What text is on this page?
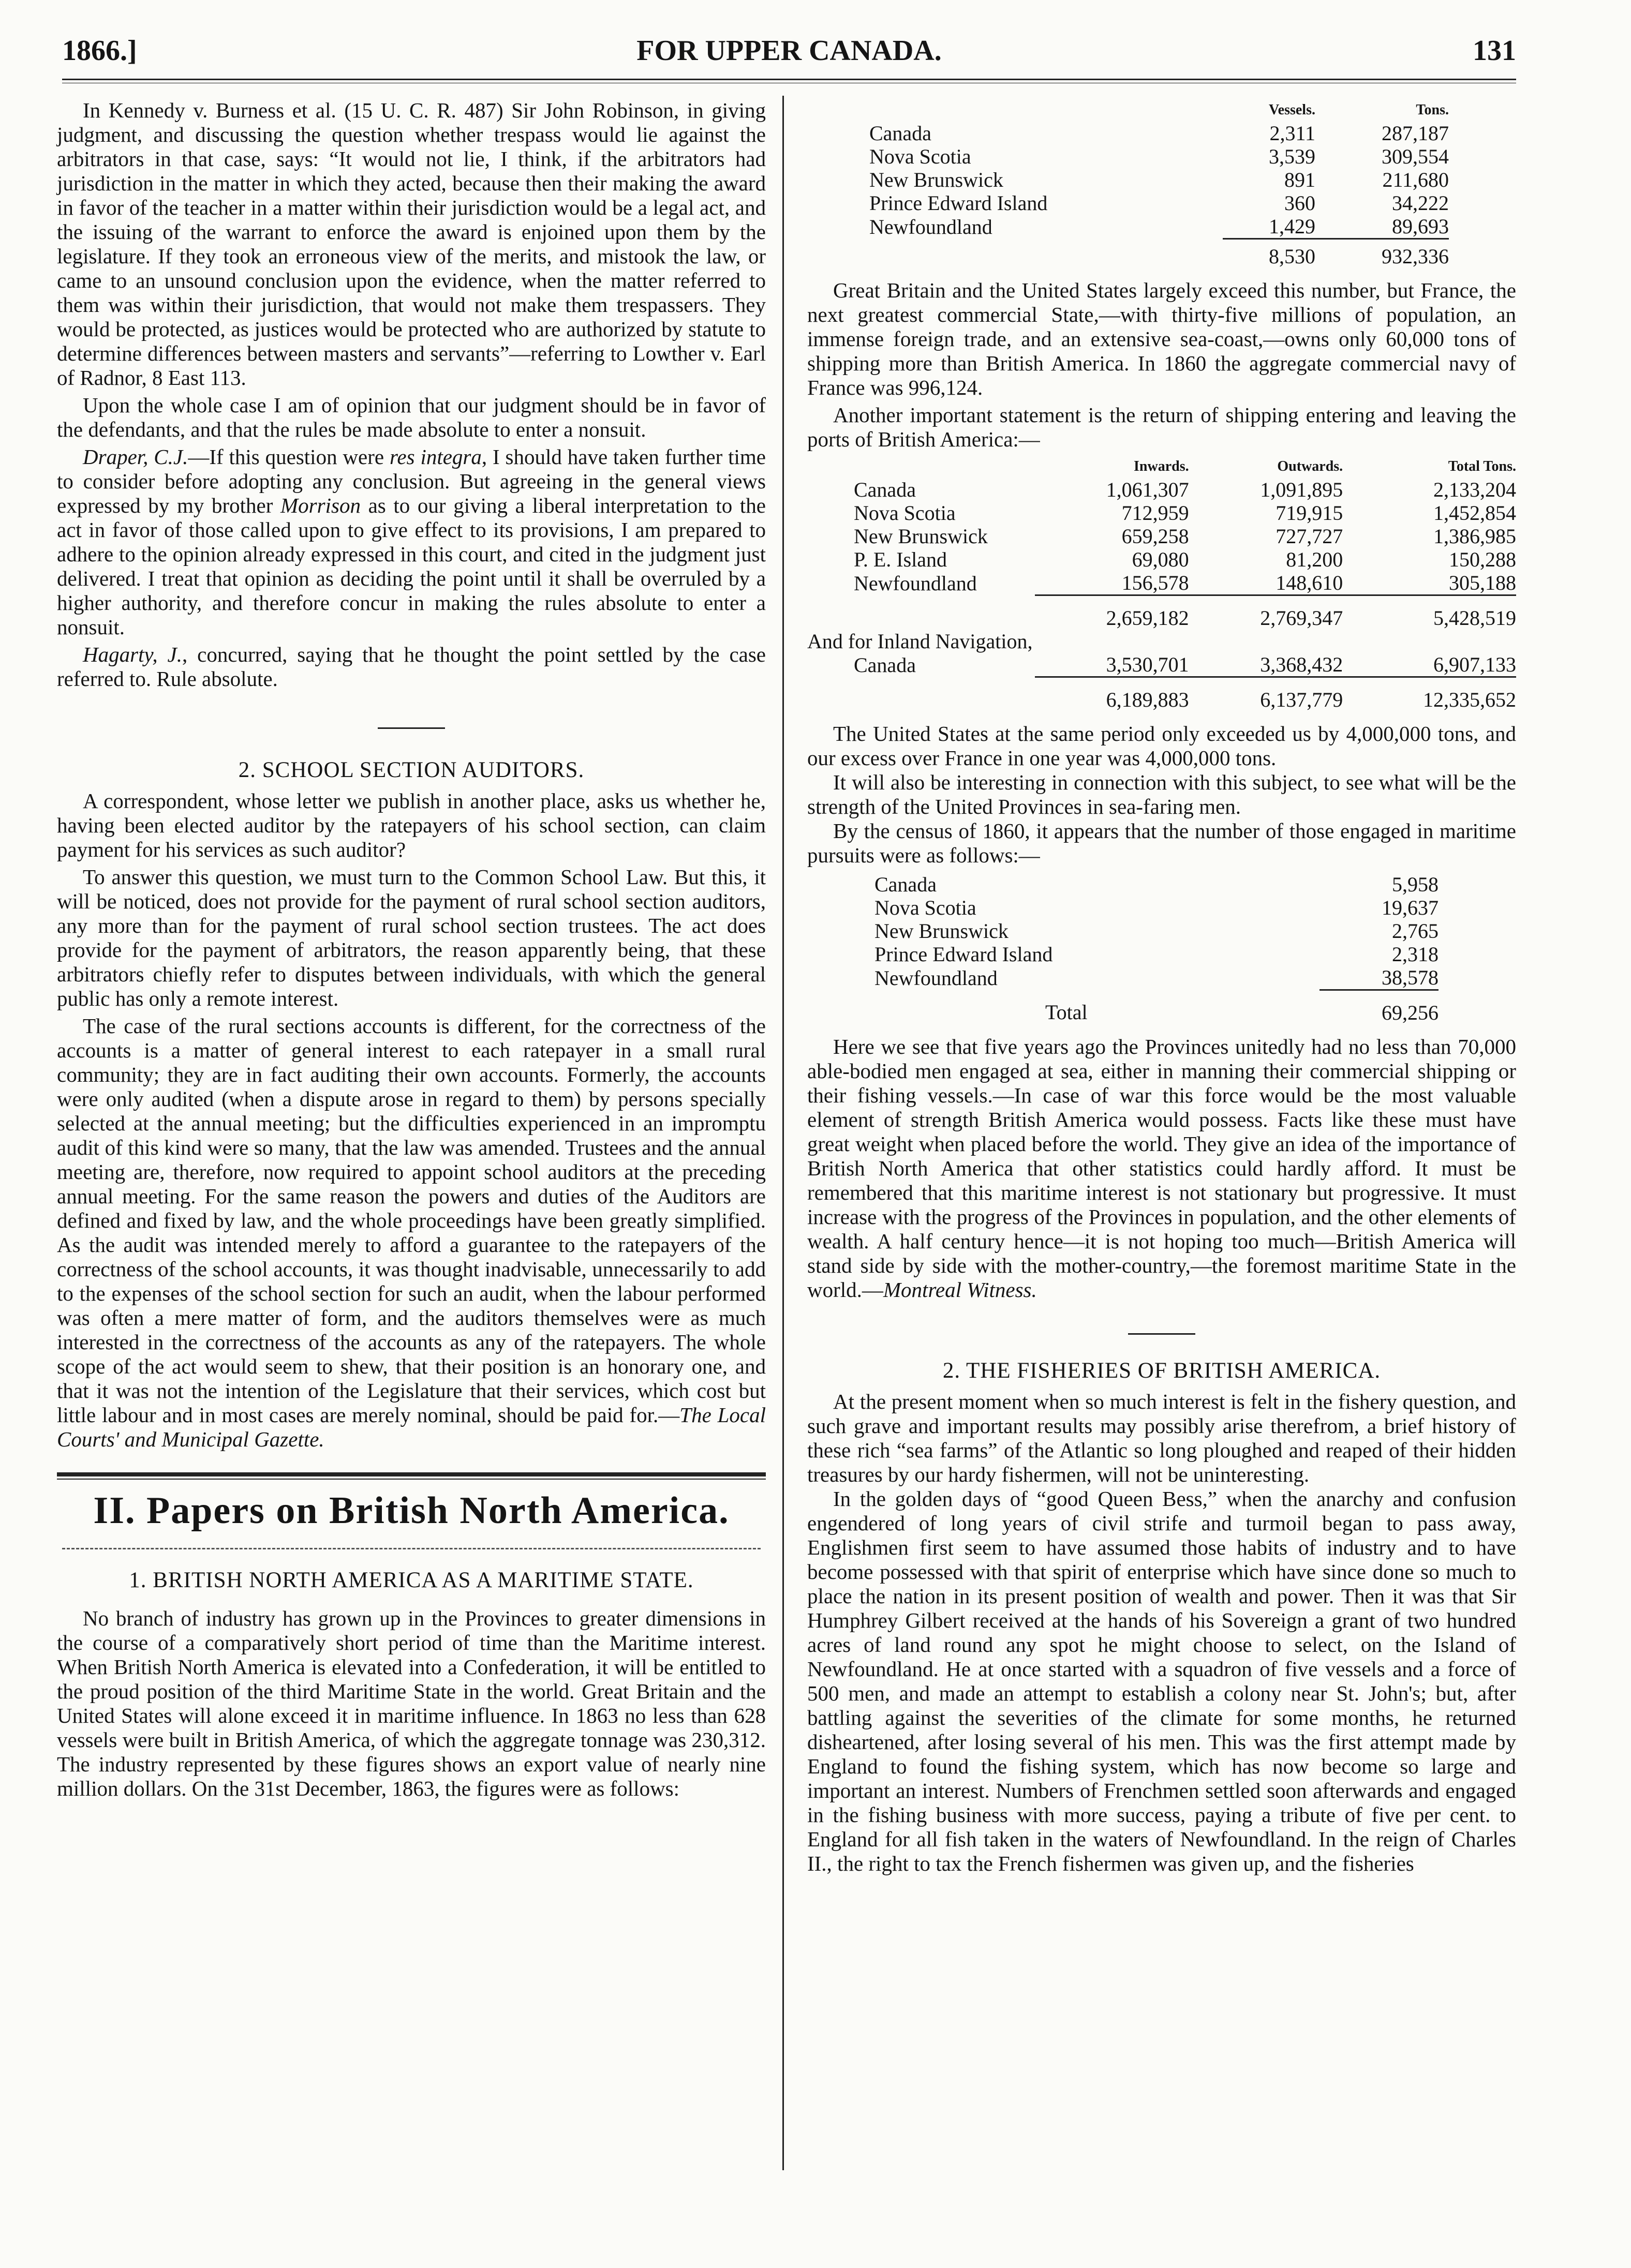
1866.]	FOR UPPER CANADA.	131

In Kennedy v. Burness et al. (15 U. C. R. 487) Sir John Robinson, in giving judgment, and discussing the question whether trespass would lie against the arbitrators in that case, says: “It would not lie, I think, if the arbitrators had jurisdiction in the matter in which they acted, because then their making the award in favor of the teacher in a matter within their jurisdiction would be a legal act, and the issuing of the warrant to enforce the award is enjoined upon them by the legislature. If they took an erroneous view of the merits, and mistook the law, or came to an unsound conclusion upon the evidence, when the matter referred to them was within their jurisdiction, that would not make them trespassers. They would be protected, as justices would be protected who are authorized by statute to determine differences between masters and servants”—referring to Lowther v. Earl of Radnor, 8 East 113.

Upon the whole case I am of opinion that our judgment should be in favor of the defendants, and that the rules be made absolute to enter a nonsuit.

Draper, C.J.—If this question were res integra, I should have taken further time to consider before adopting any conclusion. But agreeing in the general views expressed by my brother Morrison as to our giving a liberal interpretation to the act in favor of those called upon to give effect to its provisions, I am prepared to adhere to the opinion already expressed in this court, and cited in the judgment just delivered. I treat that opinion as deciding the point until it shall be overruled by a higher authority, and therefore concur in making the rules absolute to enter a nonsuit.

Hagarty, J., concurred, saying that he thought the point settled by the case referred to. Rule absolute.

2. SCHOOL SECTION AUDITORS.

A correspondent, whose letter we publish in another place, asks us whether he, having been elected auditor by the ratepayers of his school section, can claim payment for his services as such auditor?

To answer this question, we must turn to the Common School Law. But this, it will be noticed, does not provide for the payment of rural school section auditors, any more than for the payment of rural school section trustees. The act does provide for the payment of arbitrators, the reason apparently being, that these arbitrators chiefly refer to disputes between individuals, with which the general public has only a remote interest.

The case of the rural sections accounts is different, for the correctness of the accounts is a matter of general interest to each ratepayer in a small rural community; they are in fact auditing their own accounts. Formerly, the accounts were only audited (when a dispute arose in regard to them) by persons specially selected at the annual meeting; but the difficulties experienced in an impromptu audit of this kind were so many, that the law was amended. Trustees and the annual meeting are, therefore, now required to appoint school auditors at the preceding annual meeting. For the same reason the powers and duties of the Auditors are defined and fixed by law, and the whole proceedings have been greatly simplified. As the audit was intended merely to afford a guarantee to the ratepayers of the correctness of the school accounts, it was thought inadvisable, unnecessarily to add to the expenses of the school section for such an audit, when the labour performed was often a mere matter of form, and the auditors themselves were as much interested in the correctness of the accounts as any of the ratepayers. The whole scope of the act would seem to shew, that their position is an honorary one, and that it was not the intention of the Legislature that their services, which cost but little labour and in most cases are merely nominal, should be paid for.—The Local Courts' and Municipal Gazette.

II. Papers on British North America.
1. BRITISH NORTH AMERICA AS A MARITIME STATE.

No branch of industry has grown up in the Provinces to greater dimensions in the course of a comparatively short period of time than the Maritime interest. When British North America is elevated into a Confederation, it will be entitled to the proud position of the third Maritime State in the world. Great Britain and the United States will alone exceed it in maritime influence. In 1863 no less than 628 vessels were built in British America, of which the aggregate tonnage was 230,312. The industry represented by these figures shows an export value of nearly nine million dollars. On the 31st December, 1863, the figures were as follows:

	Vessels.	Tons.
Canada	2,311	287,187
Nova Scotia	3,539	309,554
New Brunswick	891	211,680
Prince Edward Island	360	34,222
Newfoundland	1,429	89,693
	8,530	932,336

Great Britain and the United States largely exceed this number, but France, the next greatest commercial State,—with thirty-five millions of population, an immense foreign trade, and an extensive sea-coast,—owns only 60,000 tons of shipping more than British America. In 1860 the aggregate commercial navy of France was 996,124.

Another important statement is the return of shipping entering and leaving the ports of British America:—

	Inwards.	Outwards.	Total Tons.
Canada	1,061,307	1,091,895	2,133,204
Nova Scotia	712,959	719,915	1,452,854
New Brunswick	659,258	727,727	1,386,985
P. E. Island	69,080	81,200	150,288
Newfoundland	156,578	148,610	305,188
	2,659,182	2,769,347	5,428,519
And for Inland Navigation,			
Canada	3,530,701	3,368,432	6,907,133
	6,189,883	6,137,779	12,335,652

The United States at the same period only exceeded us by 4,000,000 tons, and our excess over France in one year was 4,000,000 tons.

It will also be interesting in connection with this subject, to see what will be the strength of the United Provinces in sea-faring men.

By the census of 1860, it appears that the number of those engaged in maritime pursuits were as follows:—

Canada	5,958
Nova Scotia	19,637
New Brunswick	2,765
Prince Edward Island	2,318
Newfoundland	38,578
Total	69,256

Here we see that five years ago the Provinces unitedly had no less than 70,000 able-bodied men engaged at sea, either in manning their commercial shipping or their fishing vessels.—In case of war this force would be the most valuable element of strength British America would possess. Facts like these must have great weight when placed before the world. They give an idea of the importance of British North America that other statistics could hardly afford. It must be remembered that this maritime interest is not stationary but progressive. It must increase with the progress of the Provinces in population, and the other elements of wealth. A half century hence—it is not hoping too much—British America will stand side by side with the mother-country,—the foremost maritime State in the world.—Montreal Witness.

2. THE FISHERIES OF BRITISH AMERICA.

At the present moment when so much interest is felt in the fishery question, and such grave and important results may possibly arise therefrom, a brief history of these rich “sea farms” of the Atlantic so long ploughed and reaped of their hidden treasures by our hardy fishermen, will not be uninteresting.

In the golden days of “good Queen Bess,” when the anarchy and confusion engendered of long years of civil strife and turmoil began to pass away, Englishmen first seem to have assumed those habits of industry and to have become possessed with that spirit of enterprise which have since done so much to place the nation in its present position of wealth and power. Then it was that Sir Humphrey Gilbert received at the hands of his Sovereign a grant of two hundred acres of land round any spot he might choose to select, on the Island of Newfoundland. He at once started with a squadron of five vessels and a force of 500 men, and made an attempt to establish a colony near St. John's; but, after battling against the severities of the climate for some months, he returned disheartened, after losing several of his men. This was the first attempt made by England to found the fishing system, which has now become so large and important an interest. Numbers of Frenchmen settled soon afterwards and engaged in the fishing business with more success, paying a tribute of five per cent. to England for all fish taken in the waters of Newfoundland. In the reign of Charles II., the right to tax the French fishermen was given up, and the fisheries
